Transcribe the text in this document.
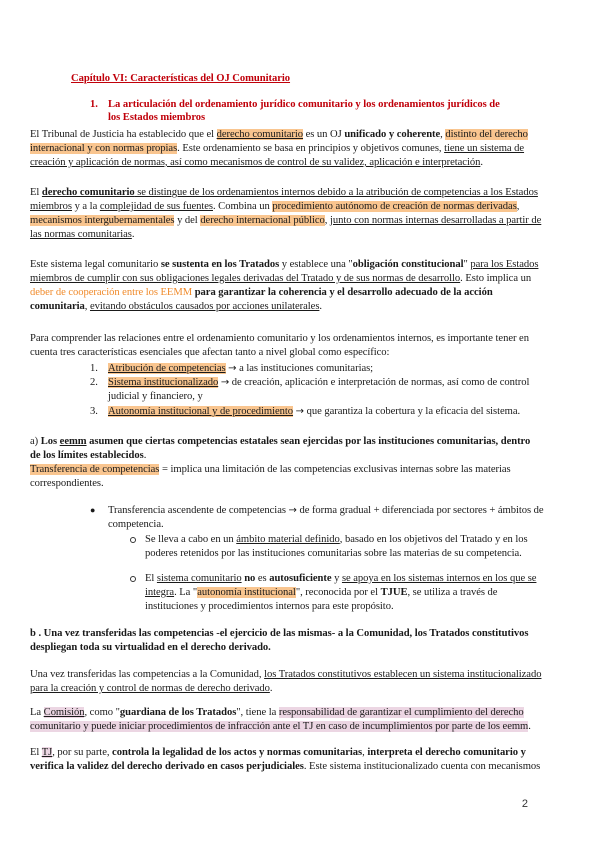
Capítulo VI: Características del OJ Comunitario
1. La articulación del ordenamiento jurídico comunitario y los ordenamientos jurídicos de
los Estados miembros
El Tribunal de Justicia ha establecido que el derecho comunitario es un OJ unificado y coherente, distinto del derecho
internacional y con normas propias. Este ordenamiento se basa en principios y objetivos comunes, tiene un sistema de
creación y aplicación de normas, así como mecanismos de control de su validez, aplicación e interpretación.
El derecho comunitario se distingue de los ordenamientos internos debido a la atribución de competencias a los Estados
miembros y a la complejidad de sus fuentes. Combina un procedimiento autónomo de creación de normas derivadas,
mecanismos intergubernamentales y del derecho internacional público, junto con normas internas desarrolladas a partir de
las normas comunitarias.
Este sistema legal comunitario se sustenta en los Tratados y establece una "obligación constitucional" para los Estados
miembros de cumplir con sus obligaciones legales derivadas del Tratado y de sus normas de desarrollo. Esto implica un
deber de cooperación entre los EEMM para garantizar la coherencia y el desarrollo adecuado de la acción
comunitaria, evitando obstáculos causados por acciones unilaterales.
Para comprender las relaciones entre el ordenamiento comunitario y los ordenamientos internos, es importante tener en
cuenta tres características esenciales que afectan tanto a nivel global como específico:
1. Atribución de competencias → a las instituciones comunitarias;
2. Sistema institucionalizado → de creación, aplicación e interpretación de normas, así como de control
judicial y financiero, y
3. Autonomía institucional y de procedimiento → que garantiza la cobertura y la eficacia del sistema.
a) Los eemm asumen que ciertas competencias estatales sean ejercidas por las instituciones comunitarias, dentro
de los límites establecidos.
Transferencia de competencias = implica una limitación de las competencias exclusivas internas sobre las materias
correspondientes.
● Transferencia ascendente de competencias → de forma gradual + diferenciada por sectores + ámbitos de
competencia.
Se lleva a cabo en un ámbito material definido, basado en los objetivos del Tratado y en los
poderes retenidos por las instituciones comunitarias sobre las materias de su competencia.
El sistema comunitario no es autosuficiente y se apoya en los sistemas internos en los que se
integra. La "autonomía institucional", reconocida por el TJUE, se utiliza a través de
instituciones y procedimientos internos para este propósito.
b . Una vez transferidas las competencias -el ejercicio de las mismas- a la Comunidad, los Tratados constitutivos
despliegan toda su virtualidad en el derecho derivado.
Una vez transferidas las competencias a la Comunidad, los Tratados constitutivos establecen un sistema institucionalizado
para la creación y control de normas de derecho derivado.
La Comisión, como "guardiana de los Tratados", tiene la responsabilidad de garantizar el cumplimiento del derecho
comunitario y puede iniciar procedimientos de infracción ante el TJ en caso de incumplimientos por parte de los eemm.
El TJ, por su parte, controla la legalidad de los actos y normas comunitarias, interpreta el derecho comunitario y
verifica la validez del derecho derivado en casos perjudiciales. Este sistema institucionalizado cuenta con mecanismos
2
